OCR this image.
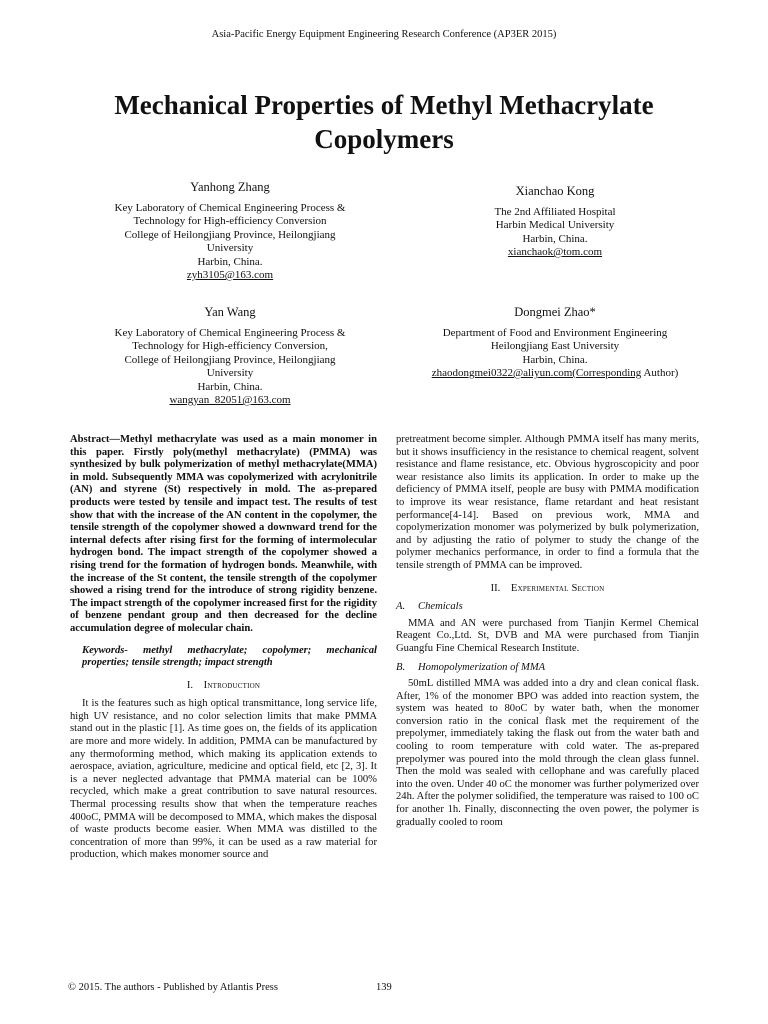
Asia-Pacific Energy Equipment Engineering Research Conference (AP3ER 2015)
Mechanical Properties of Methyl Methacrylate
Copolymers
Yanhong Zhang
Key Laboratory of Chemical Engineering Process &
Technology for High-efficiency Conversion
College of Heilongjiang Province, Heilongjiang
University
Harbin, China.
zyh3105@163.com
Xianchao Kong
The 2nd Affiliated Hospital
Harbin Medical University
Harbin, China.
xianchaok@tom.com
Yan Wang
Key Laboratory of Chemical Engineering Process &
Technology for High-efficiency Conversion,
College of Heilongjiang Province, Heilongjiang
University
Harbin, China.
wangyan_82051@163.com
Dongmei Zhao*
Department of Food and Environment Engineering
Heilongjiang East University
Harbin, China.
zhaodongmei0322@aliyun.com(Corresponding Author)

Abstract—Methyl methacrylate was used as a main monomer in this paper. Firstly poly(methyl methacrylate) (PMMA) was synthesized by bulk polymerization of methyl methacrylate(MMA) in mold. Subsequently MMA was copolymerized with acrylonitrile (AN) and styrene (St) respectively in mold. The as-prepared products were tested by tensile and impact test. The results of test show that with the increase of the AN content in the copolymer, the tensile strength of the copolymer showed a downward trend for the internal defects after rising first for the forming of intermolecular hydrogen bond. The impact strength of the copolymer showed a rising trend for the formation of hydrogen bonds. Meanwhile, with the increase of the St content, the tensile strength of the copolymer showed a rising trend for the introduce of strong rigidity benzene. The impact strength of the copolymer increased first for the rigidity of benzene pendant group and then decreased for the decline accumulation degree of molecular chain.

Keywords- methyl methacrylate; copolymer; mechanical properties; tensile strength; impact strength

I. Introduction

It is the features such as high optical transmittance, long service life, high UV resistance, and no color selection limits that make PMMA stand out in the plastic [1]. As time goes on, the fields of its application are more and more widely. In addition, PMMA can be manufactured by any thermoforming method, which making its application extends to aerospace, aviation, agriculture, medicine and optical field, etc [2, 3]. It is a never neglected advantage that PMMA material can be 100% recycled, which make a great contribution to save natural resources. Thermal processing results show that when the temperature reaches 400oC, PMMA will be decomposed to MMA, which makes the disposal of waste products become easier. When MMA was distilled to the concentration of more than 99%, it can be used as a raw material for production, which makes monomer source and

pretreatment become simpler. Although PMMA itself has many merits, but it shows insufficiency in the resistance to chemical reagent, solvent resistance and flame resistance, etc. Obvious hygroscopicity and poor wear resistance also limits its application. In order to make up the deficiency of PMMA itself, people are busy with PMMA modification to improve its wear resistance, flame retardant and heat resistant performance[4-14]. Based on previous work, MMA and copolymerization monomer was polymerized by bulk polymerization, and by adjusting the ratio of polymer to study the change of the polymer mechanics performance, in order to find a formula that the tensile strength of PMMA can be improved.

II. Experimental Section

A. Chemicals

MMA and AN were purchased from Tianjin Kermel Chemical Reagent Co.,Ltd. St, DVB and MA were purchased from Tianjin Guangfu Fine Chemical Research Institute.

B. Homopolymerization of MMA

50mL distilled MMA was added into a dry and clean conical flask. After, 1% of the monomer BPO was added into reaction system, the system was heated to 80oC by water bath, when the monomer conversion ratio in the conical flask met the requirement of the prepolymer, immediately taking the flask out from the water bath and cooling to room temperature with cold water. The as-prepared prepolymer was poured into the mold through the clean glass funnel. Then the mold was sealed with cellophane and was carefully placed into the oven. Under 40 oC the monomer was further polymerized over 24h. After the polymer solidified, the temperature was raised to 100 oC for another 1h. Finally, disconnecting the oven power, the polymer is gradually cooled to room

© 2015. The authors - Published by Atlantis Press	139
